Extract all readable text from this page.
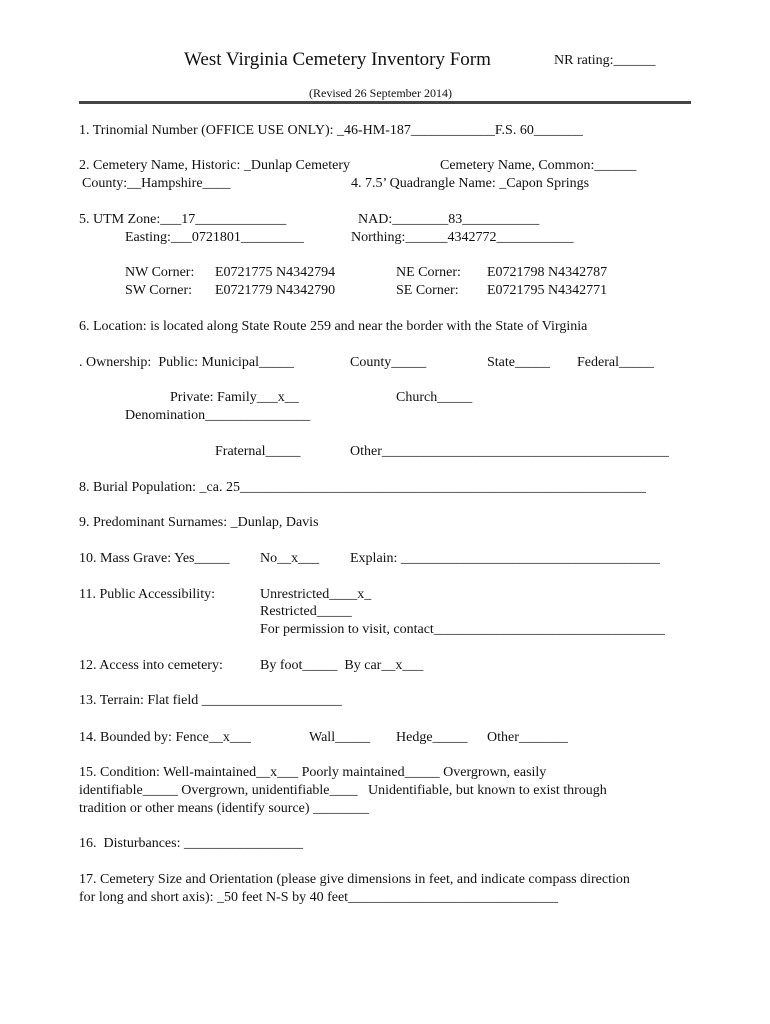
West Virginia Cemetery Inventory Form	NR rating:______
(Revised 26 September 2014)
1. Trinomial Number (OFFICE USE ONLY): _46-HM-187____________F.S. 60_______
2. Cemetery Name, Historic: _Dunlap Cemetery	Cemetery Name, Common:______
County:__Hampshire____	4. 7.5’ Quadrangle Name: _Capon Springs
5. UTM Zone:___17_____________	NAD:________83___________
Easting:___0721801_________	Northing:______4342772___________
NW Corner: E0721775 N4342794	NE Corner: E0721798 N4342787
SW Corner: E0721779 N4342790	SE Corner: E0721795 N4342771
6. Location: is located along State Route 259 and near the border with the State of Virginia
. Ownership:  Public: Municipal_____	County_____	State_____ Federal_____
Private: Family___x__	Church_____
Denomination_______________
Fraternal_____	Other_________________________________________
8. Burial Population: _ca. 25__________________________________________________________
9. Predominant Surnames: _Dunlap, Davis
10. Mass Grave: Yes_____ No__x___ Explain: _____________________________________
11. Public Accessibility:	Unrestricted____x_
Restricted_____
For permission to visit, contact_________________________________
12. Access into cemetery:	By foot_____  By car__x___
13. Terrain: Flat field ____________________
14. Bounded by: Fence__x___	Wall_____ Hedge_____ Other_______
15. Condition: Well-maintained__x___ Poorly maintained_____ Overgrown, easily
identifiable_____ Overgrown, unidentifiable____   Unidentifiable, but known to exist through
tradition or other means (identify source) ________
16.  Disturbances: _________________
17. Cemetery Size and Orientation (please give dimensions in feet, and indicate compass direction
for long and short axis): _50 feet N-S by 40 feet______________________________
